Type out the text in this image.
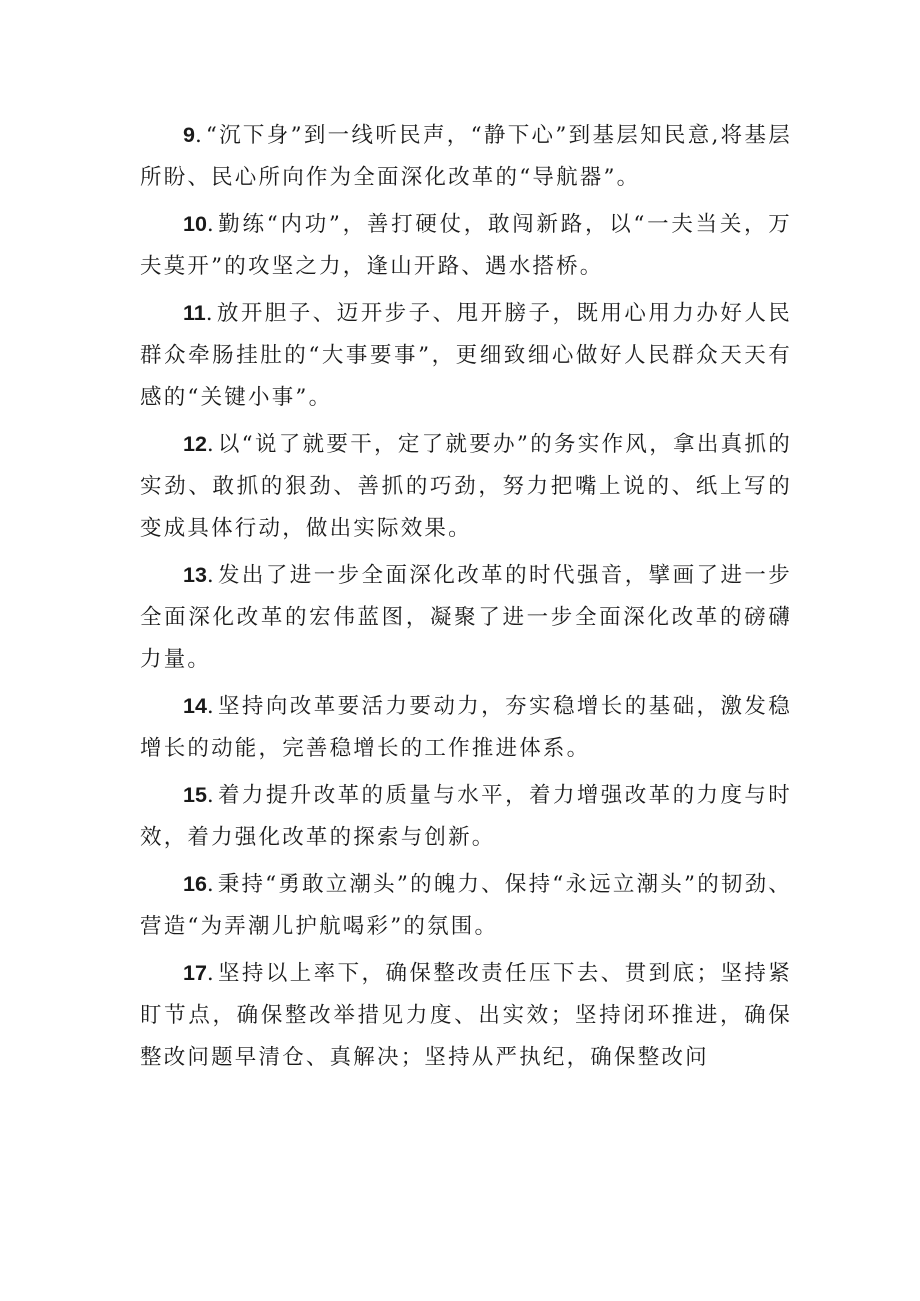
9.“沉下身”到一线听民声，“静下心”到基层知民意,将基层所盼、民心所向作为全面深化改革的“导航器”。

10.勤练“内功”，善打硬仗，敢闯新路，以“一夫当关，万夫莫开”的攻坚之力，逢山开路、遇水搭桥。

11.放开胆子、迈开步子、甩开膀子，既用心用力办好人民群众牵肠挂肚的“大事要事”，更细致细心做好人民群众天天有感的“关键小事”。

12.以“说了就要干，定了就要办”的务实作风，拿出真抓的实劲、敢抓的狠劲、善抓的巧劲，努力把嘴上说的、纸上写的变成具体行动，做出实际效果。

13.发出了进一步全面深化改革的时代强音，擘画了进一步全面深化改革的宏伟蓝图，凝聚了进一步全面深化改革的磅礴力量。

14.坚持向改革要活力要动力，夯实稳增长的基础，激发稳增长的动能，完善稳增长的工作推进体系。

15.着力提升改革的质量与水平，着力增强改革的力度与时效，着力强化改革的探索与创新。

16.秉持“勇敢立潮头”的魄力、保持“永远立潮头”的韧劲、营造“为弄潮儿护航喝彩”的氛围。

17.坚持以上率下，确保整改责任压下去、贯到底；坚持紧盯节点，确保整改举措见力度、出实效；坚持闭环推进，确保整改问题早清仓、真解决；坚持从严执纪，确保整改问
